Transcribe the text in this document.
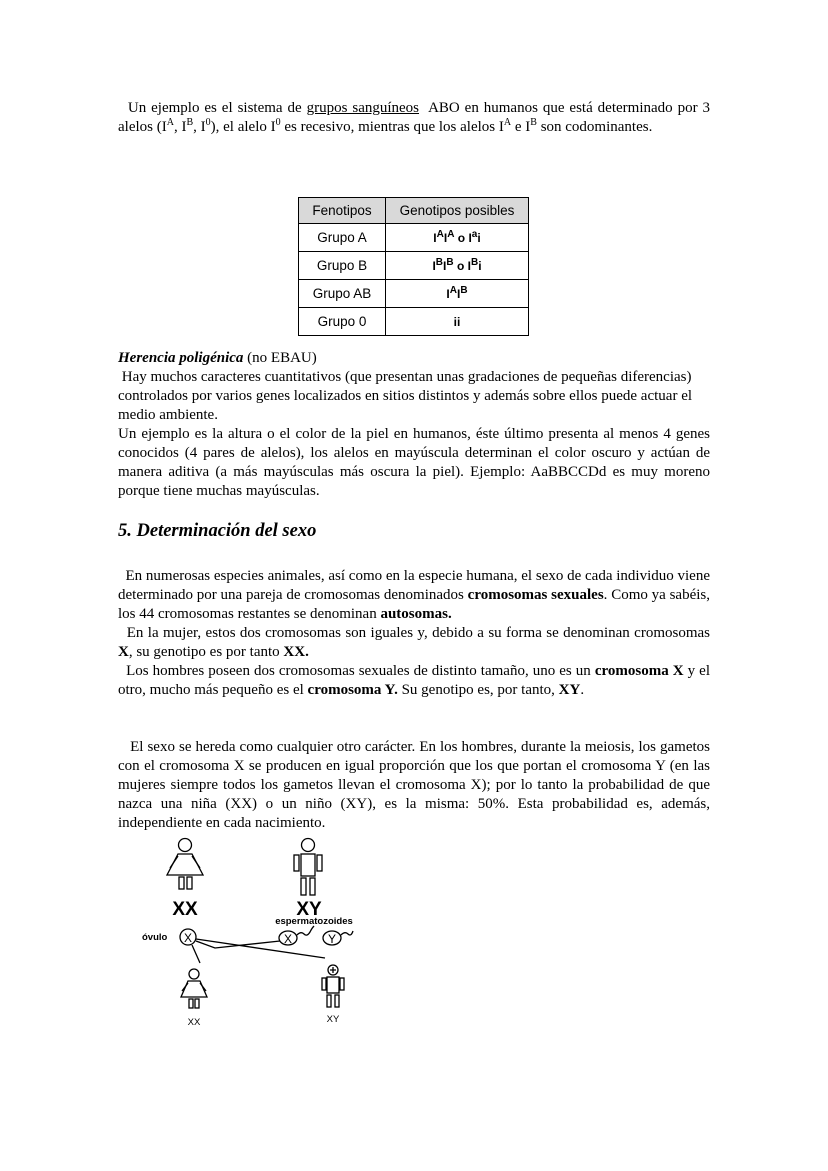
Un ejemplo es el sistema de grupos sanguíneos ABO en humanos que está determinado por 3 alelos ($I^A$, $I^B$, $I^0$), el alelo $I^0$ es recesivo, mientras que los alelos $I^A$ e $I^B$ son codominantes.
Fenotipos	Genotipos posibles
Grupo A	$I^AI^A$ o $I^ai$
Grupo B	$I^BI^B$ o $I^Bi$
Grupo AB	$I^AI^B$
Grupo 0	ii
Herencia poligénica (no EBAU)
Hay muchos caracteres cuantitativos (que presentan unas gradaciones de pequeñas diferencias) controlados por varios genes localizados en sitios distintos y además sobre ellos puede actuar el medio ambiente.
Un ejemplo es la altura o el color de la piel en humanos, éste último presenta al menos 4 genes conocidos (4 pares de alelos), los alelos en mayúscula determinan el color oscuro y actúan de manera aditiva (a más mayúsculas más oscura la piel). Ejemplo: AaBBCCDd es muy moreno porque tiene muchas mayúsculas.
5. Determinación del sexo
En numerosas especies animales, así como en la especie humana, el sexo de cada individuo viene determinado por una pareja de cromosomas denominados cromosomas sexuales. Como ya sabéis, los 44 cromosomas restantes se denominan autosomas.
En la mujer, estos dos cromosomas son iguales y, debido a su forma se denominan cromosomas X, su genotipo es por tanto XX.
Los hombres poseen dos cromosomas sexuales de distinto tamaño, uno es un cromosoma X y el otro, mucho más pequeño es el cromosoma Y. Su genotipo es, por tanto, XY.
El sexo se hereda como cualquier otro carácter. En los hombres, durante la meiosis, los gametos con el cromosoma X se producen en igual proporción que los que portan el cromosoma Y (en las mujeres siempre todos los gametos llevan el cromosoma X); por lo tanto la probabilidad de que nazca una niña (XX) o un niño (XY), es la misma: 50%. Esta probabilidad es, además, independiente en cada nacimiento.
XX	XY
espermatozoides
óvulo X	X	Y
XX	XY
